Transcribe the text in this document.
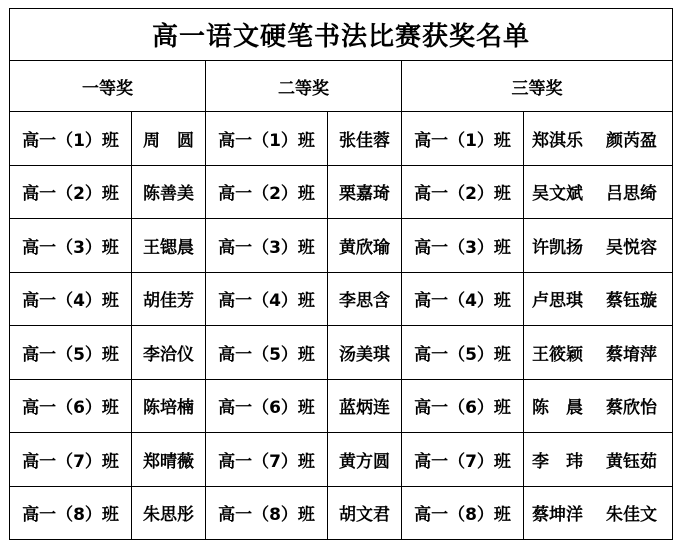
高一语文硬笔书法比赛获奖名单					
一等奖		二等奖		三等奖	
高一（1）班	周　圆	高一（1）班	张佳蓉	高一（1）班	郑淇乐 颜芮盈
高一（2）班	陈善美	高一（2）班	栗嘉琦	高一（2）班	吴文斌 吕思绮
高一（3）班	王锶晨	高一（3）班	黄欣瑜	高一（3）班	许凯扬 吴悦容
高一（4）班	胡佳芳	高一（4）班	李思含	高一（4）班	卢思琪 蔡钰璇
高一（5）班	李洽仪	高一（5）班	汤美琪	高一（5）班	王筱颖 蔡堉萍
高一（6）班	陈培楠	高一（6）班	蓝炳连	高一（6）班	陈　晨 蔡欣怡
高一（7）班	郑晴薇	高一（7）班	黄方圆	高一（7）班	李　玮 黄钰茹
高一（8）班	朱思彤	高一（8）班	胡文君	高一（8）班	蔡坤洋 朱佳文
